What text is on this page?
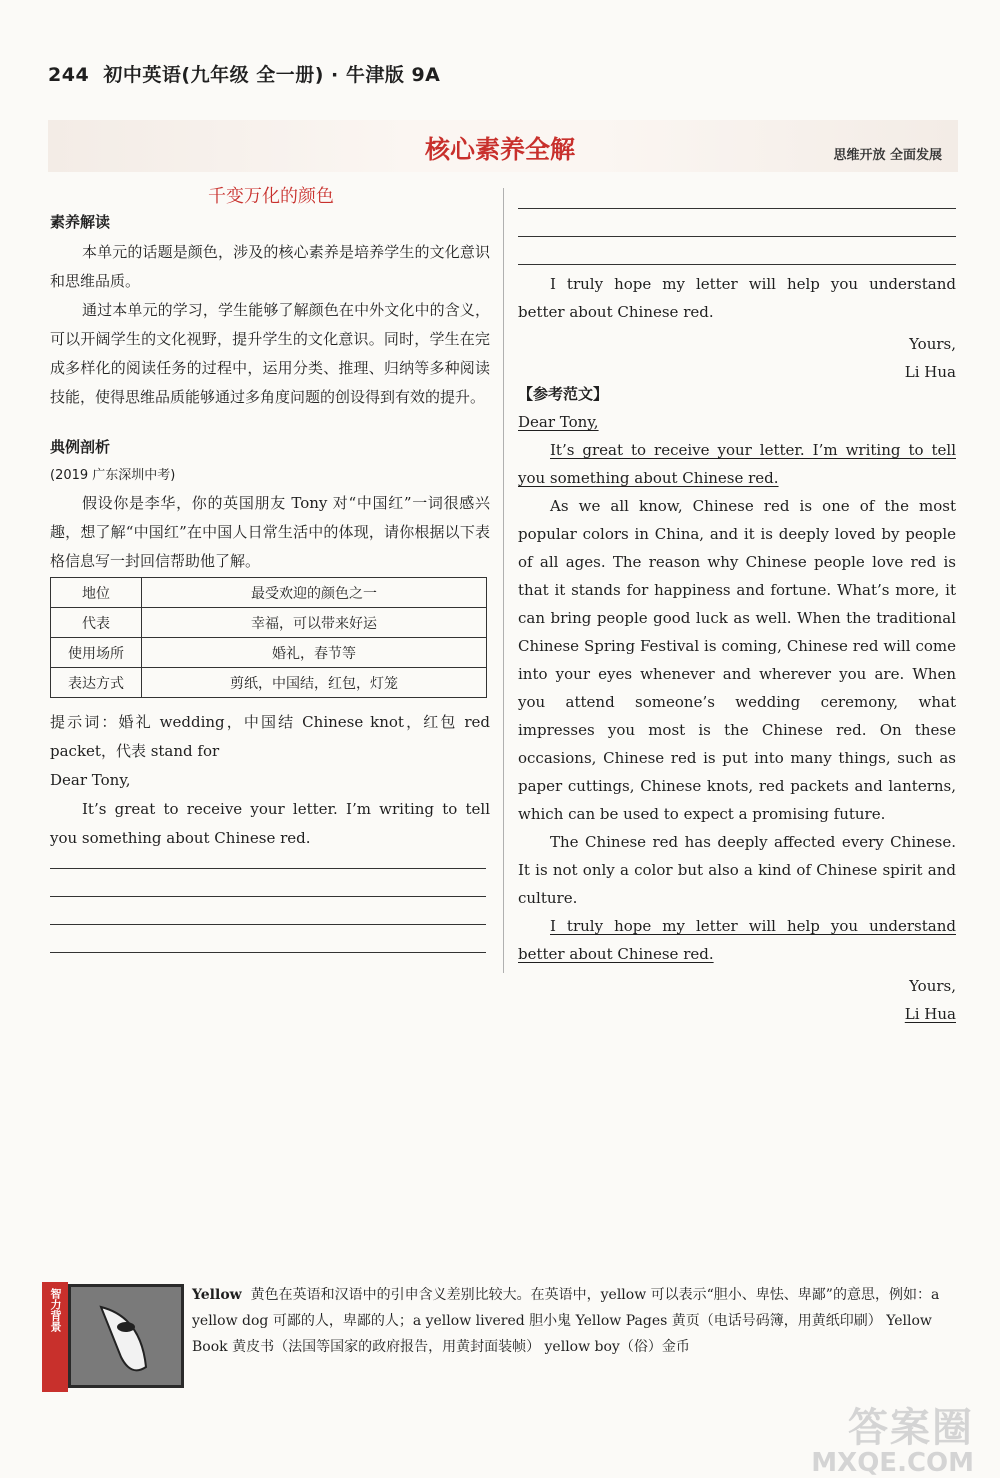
244 初中英语(九年级 全一册) · 牛津版 9A
核心素养全解	思维开放 全面发展
千变万化的颜色
素养解读

本单元的话题是颜色，涉及的核心素养是培养学生的文化意识和思维品质。

通过本单元的学习，学生能够了解颜色在中外文化中的含义，可以开阔学生的文化视野，提升学生的文化意识。同时，学生在完成多样化的阅读任务的过程中，运用分类、推理、归纳等多种阅读技能，使得思维品质能够通过多角度问题的创设得到有效的提升。

典例剖析
(2019 广东深圳中考)

假设你是李华，你的英国朋友 Tony 对“中国红”一词很感兴趣，想了解“中国红”在中国人日常生活中的体现，请你根据以下表格信息写一封回信帮助他了解。

地位	最受欢迎的颜色之一
代表	幸福，可以带来好运
使用场所	婚礼，春节等
表达方式	剪纸，中国结，红包，灯笼

提示词：婚礼 wedding，中国结 Chinese knot，红包 red packet，代表 stand for

Dear Tony,

It’s great to receive your letter. I’m writing to tell you something about Chinese red.

I truly hope my letter will help you understand better about Chinese red.

Yours,

Li Hua

【参考范文】

Dear Tony,

It’s great to receive your letter. I’m writing to tell you something about Chinese red.

As we all know, Chinese red is one of the most popular colors in China, and it is deeply loved by people of all ages. The reason why Chinese people love red is that it stands for happiness and fortune. What’s more, it can bring people good luck as well. When the traditional Chinese Spring Festival is coming, Chinese red will come into your eyes whenever and wherever you are. When you attend someone’s wedding ceremony, what impresses you most is the Chinese red. On these occasions, Chinese red is put into many things, such as paper cuttings, Chinese knots, red packets and lanterns, which can be used to expect a promising future.

The Chinese red has deeply affected every Chinese. It is not only a color but also a kind of Chinese spirit and culture.

I truly hope my letter will help you understand better about Chinese red.

Yours,

Li Hua

智力背景	Yellow 黄色在英语和汉语中的引申含义差别比较大。在英语中，yellow 可以表示“胆小、卑怯、卑鄙”的意思，例如：a yellow dog 可鄙的人，卑鄙的人；a yellow livered 胆小鬼 Yellow Pages 黄页（电话号码簿，用黄纸印刷） Yellow Book 黄皮书（法国等国家的政府报告，用黄封面装帧） yellow boy（俗）金币
答案圈
MXQE.COM
